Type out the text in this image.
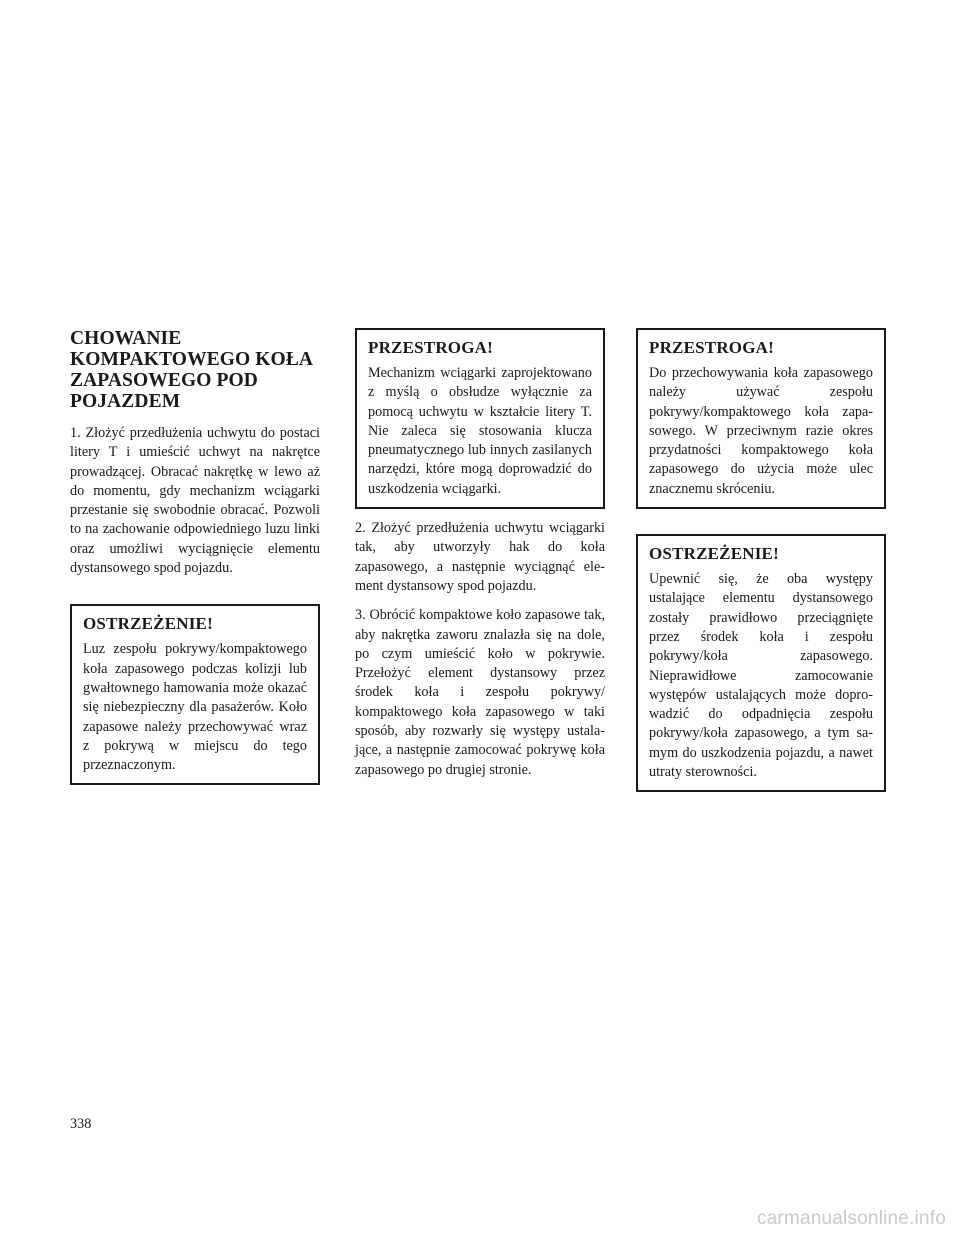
CHOWANIE KOMPAKTOWEGO KOŁA ZAPASOWEGO POD POJAZDEM

1. Złożyć przedłużenia uchwytu do postaci litery T i umieścić uchwyt na nakrętce prowadzącej. Obracać nakrętkę w lewo aż do momentu, gdy mechanizm wciągarki przestanie się swobodnie obracać. Pozwoli to na zachowanie odpowiedniego luzu linki oraz umożliwi wyciągnięcie elementu dystansowego spod pojazdu.

OSTRZEŻENIE!

Luz zespołu pokrywy/kompaktowego koła zapasowego podczas kolizji lub gwałtownego hamowania może okazać się niebezpieczny dla pasażerów. Koło zapasowe należy przechowywać wraz z pokrywą w miejscu do tego przeznaczonym.

PRZESTROGA!

Mechanizm wciągarki zaprojektowano z myślą o obsłudze wyłącznie za pomocą uchwytu w kształcie litery T. Nie zaleca się stosowania klucza pneumatycznego lub innych zasilanych narzędzi, które mogą doprowadzić do uszkodzenia wciągarki.

2. Złożyć przedłużenia uchwytu wciągarki tak, aby utworzyły hak do koła zapasowego, a następnie wyciągnąć element dystansowy spod pojazdu.

3. Obrócić kompaktowe koło zapasowe tak, aby nakrętka zaworu znalazła się na dole, po czym umieścić koło w pokrywie. Przełożyć element dystansowy przez środek koła i zespołu pokrywy/ kompaktowego koła zapasowego w taki sposób, aby rozwarły się występy ustalające, a następnie zamocować pokrywę koła zapasowego po drugiej stronie.

PRZESTROGA!

Do przechowywania koła zapasowego należy używać zespołu pokrywy/kompaktowego koła zapasowego. W przeciwnym razie okres przydatności kompaktowego koła zapasowego do użycia może ulec znacznemu skróceniu.

OSTRZEŻENIE!

Upewnić się, że oba występy ustalające elementu dystansowego zostały prawidłowo przeciągnięte przez środek koła i zespołu pokrywy/koła zapasowego. Nieprawidłowe zamocowanie występów ustalających może doprowadzić do odpadnięcia zespołu pokrywy/koła zapasowego, a tym samym do uszkodzenia pojazdu, a nawet utraty sterowności.

338
carmanualsonline.info
